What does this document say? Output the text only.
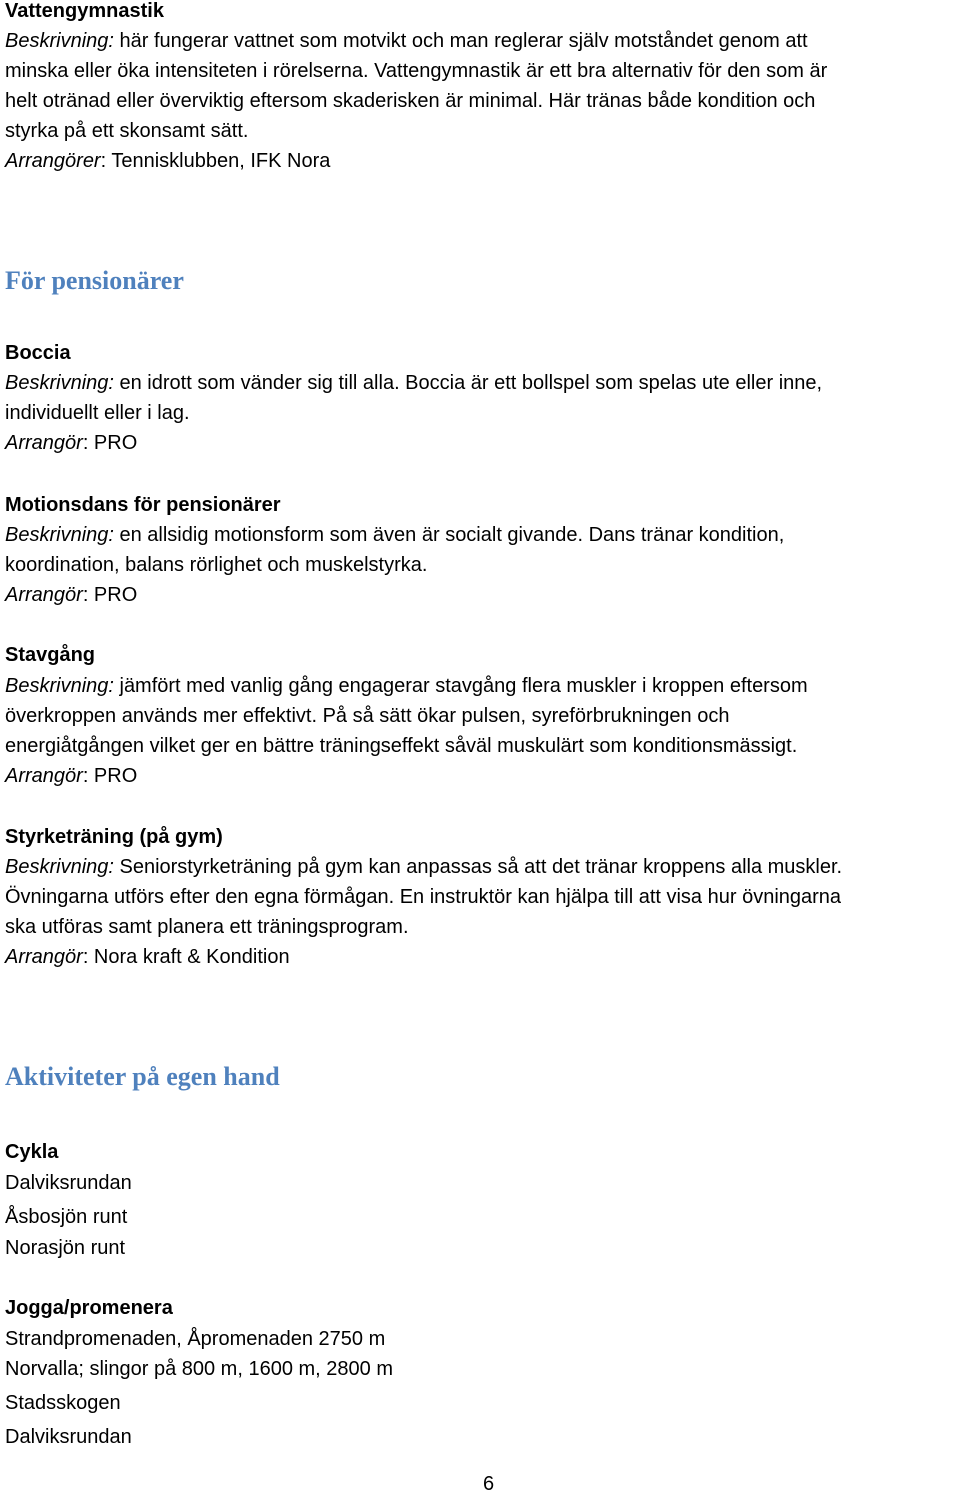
Vattengymnastik
Beskrivning: här fungerar vattnet som motvikt och man reglerar själv motståndet genom att
minska eller öka intensiteten i rörelserna. Vattengymnastik är ett bra alternativ för den som är
helt otränad eller överviktig eftersom skaderisken är minimal. Här tränas både kondition och
styrka på ett skonsamt sätt.
Arrangörer: Tennisklubben, IFK Nora
För pensionärer
Boccia
Beskrivning: en idrott som vänder sig till alla. Boccia är ett bollspel som spelas ute eller inne,
individuellt eller i lag.
Arrangör: PRO
Motionsdans för pensionärer
Beskrivning: en allsidig motionsform som även är socialt givande. Dans tränar kondition,
koordination, balans rörlighet och muskelstyrka.
Arrangör: PRO
Stavgång
Beskrivning: jämfört med vanlig gång engagerar stavgång flera muskler i kroppen eftersom
överkroppen används mer effektivt. På så sätt ökar pulsen, syreförbrukningen och
energiåtgången vilket ger en bättre träningseffekt såväl muskulärt som konditionsmässigt.
Arrangör: PRO
Styrketräning (på gym)
Beskrivning: Seniorstyrketräning på gym kan anpassas så att det tränar kroppens alla muskler.
Övningarna utförs efter den egna förmågan. En instruktör kan hjälpa till att visa hur övningarna
ska utföras samt planera ett träningsprogram.
Arrangör: Nora kraft & Kondition
Aktiviteter på egen hand
Cykla
Dalviksrundan
Åsbosjön runt
Norasjön runt
Jogga/promenera
Strandpromenaden, Åpromenaden 2750 m
Norvalla; slingor på 800 m, 1600 m, 2800 m
Stadsskogen
Dalviksrundan
6
